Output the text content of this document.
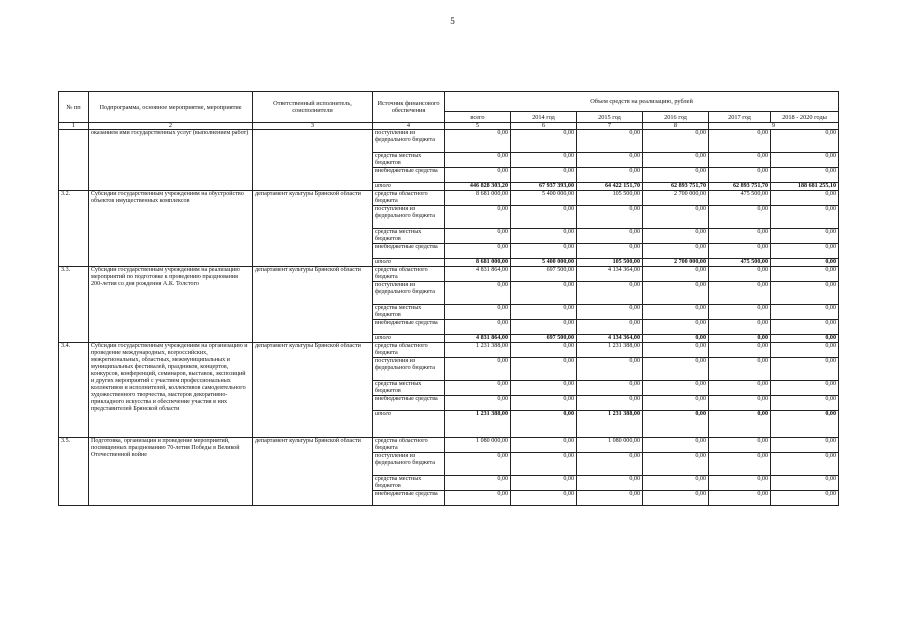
5
№ пп	Подпрограмма, основное мероприятие, мероприятие	Ответственный исполнитель, соисполнители	Источник финансового обеспечения	Объем средств на реализацию, рублей					
				всего	2014 год	2015 год	2016 год	2017 год	2018 - 2020 годы
1	2	3	4	5	6	7	8	9	
	оказанием ими государственных услуг (выполнением работ)		поступления из федерального бюджета	0,00	0,00	0,00	0,00	0,00	0,00
			средства местных бюджетов	0,00	0,00	0,00	0,00	0,00	0,00
			внебюджетные средства	0,00	0,00	0,00	0,00	0,00	0,00
			итого	446 828 303,20	67 937 393,00	64 422 151,70	62 893 751,70	62 893 751,70	188 681 255,10
3.2.	Субсидии государственным учреждениям на обустройство объектов имущественных комплексов	департамент культуры Брянской области	средства областного бюджета	8 681 000,00	5 400 000,00	105 500,00	2 700 000,00	475 500,00	0,00
			поступления из федерального бюджета	0,00	0,00	0,00	0,00	0,00	0,00
			средства местных бюджетов	0,00	0,00	0,00	0,00	0,00	0,00
			внебюджетные средства	0,00	0,00	0,00	0,00	0,00	0,00
			итого	8 681 000,00	5 400 000,00	105 500,00	2 700 000,00	475 500,00	0,00
3.3.	Субсидии государственным учреждениям на реализацию мероприятий по подготовке к проведению празднования 200-летия со дня рождения А.К. Толстого	департамент культуры Брянской области	средства областного бюджета	4 831 864,00	697 500,00	4 134 364,00	0,00	0,00	0,00
			поступления из федерального бюджета	0,00	0,00	0,00	0,00	0,00	0,00
			средства местных бюджетов	0,00	0,00	0,00	0,00	0,00	0,00
			внебюджетные средства	0,00	0,00	0,00	0,00	0,00	0,00
			итого	4 831 864,00	697 500,00	4 134 364,00	0,00	0,00	0,00
3.4.	Субсидии государственным учреждениям на организацию и проведение международных, всероссийских, межрегиональных, областных, межмуниципальных и муниципальных фестивалей, праздников, концертов, конкурсов, конференций, семинаров, выставок, экспозиций и других мероприятий с участием профессиональных коллективов и исполнителей, коллективов самодеятельного художественного творчества, мастеров декоративно-прикладного искусства и обеспечение участия в них представителей Брянской области	департамент культуры Брянской области	средства областного бюджета	1 231 388,00	0,00	1 231 388,00	0,00	0,00	0,00
			поступления из федерального бюджета	0,00	0,00	0,00	0,00	0,00	0,00
			средства местных бюджетов	0,00	0,00	0,00	0,00	0,00	0,00
			внебюджетные средства	0,00	0,00	0,00	0,00	0,00	0,00
			итого	1 231 388,00	0,00	1 231 388,00	0,00	0,00	0,00
3.5.	Подготовка, организация и проведение мероприятий, посвященных празднованию 70-летия Победы в Великой Отечественной войне	департамент культуры Брянской области	средства областного бюджета	1 080 000,00	0,00	1 080 000,00	0,00	0,00	0,00
			поступления из федерального бюджета	0,00	0,00	0,00	0,00	0,00	0,00
			средства местных бюджетов	0,00	0,00	0,00	0,00	0,00	0,00
			внебюджетные средства	0,00	0,00	0,00	0,00	0,00	0,00
